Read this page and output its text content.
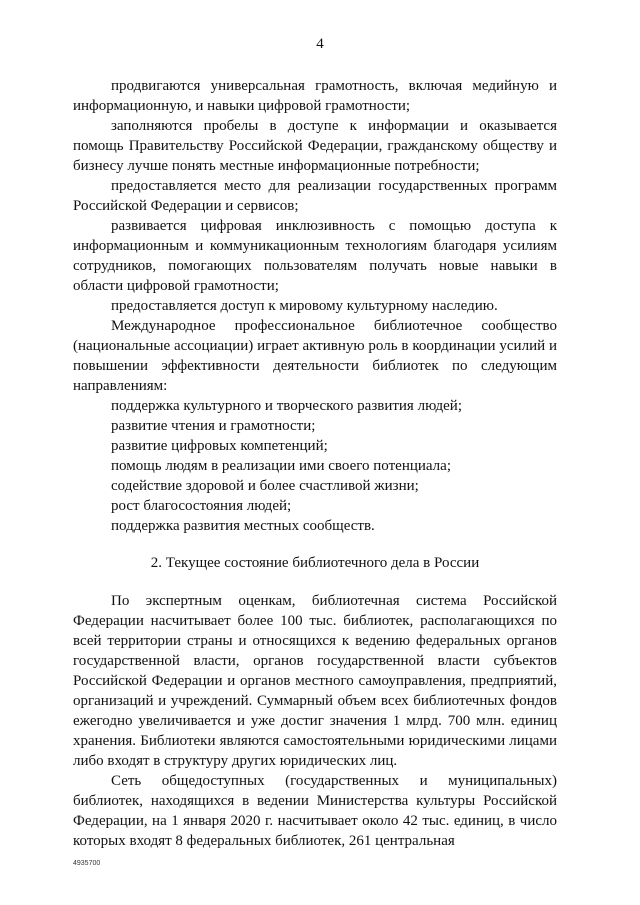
4

продвигаются универсальная грамотность, включая медийную и информационную, и навыки цифровой грамотности;

заполняются пробелы в доступе к информации и оказывается помощь Правительству Российской Федерации, гражданскому обществу и бизнесу лучше понять местные информационные потребности;

предоставляется место для реализации государственных программ Российской Федерации и сервисов;

развивается цифровая инклюзивность с помощью доступа к информационным и коммуникационным технологиям благодаря усилиям сотрудников, помогающих пользователям получать новые навыки в области цифровой грамотности;

предоставляется доступ к мировому культурному наследию.

Международное профессиональное библиотечное сообщество (национальные ассоциации) играет активную роль в координации усилий и повышении эффективности деятельности библиотек по следующим направлениям:

поддержка культурного и творческого развития людей;

развитие чтения и грамотности;

развитие цифровых компетенций;

помощь людям в реализации ими своего потенциала;

содействие здоровой и более счастливой жизни;

рост благосостояния людей;

поддержка развития местных сообществ.

2. Текущее состояние библиотечного дела в России

По экспертным оценкам, библиотечная система Российской Федерации насчитывает более 100 тыс. библиотек, располагающихся по всей территории страны и относящихся к ведению федеральных органов государственной власти, органов государственной власти субъектов Российской Федерации и органов местного самоуправления, предприятий, организаций и учреждений. Суммарный объем всех библиотечных фондов ежегодно увеличивается и уже достиг значения 1 млрд. 700 млн. единиц хранения. Библиотеки являются самостоятельными юридическими лицами либо входят в структуру других юридических лиц.

Сеть общедоступных (государственных и муниципальных) библиотек, находящихся в ведении Министерства культуры Российской Федерации, на 1 января 2020 г. насчитывает около 42 тыс. единиц, в число которых входят 8 федеральных библиотек, 261 центральная

4935700
